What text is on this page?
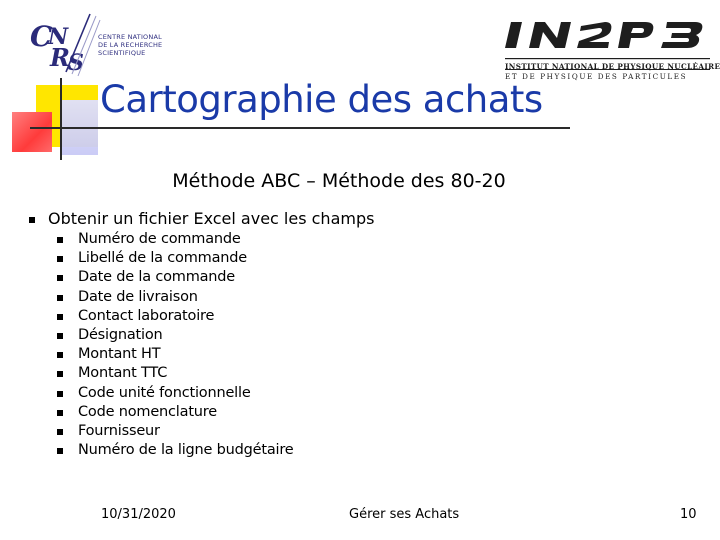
C
N
R
S
CENTRE NATIONAL
DE LA RECHERCHE
SCIENTIFIQUE
INSTITUT NATIONAL DE PHYSIQUE NUCLÉAIRE
ET DE PHYSIQUE DES PARTICULES
Cartographie des achats
Méthode ABC – Méthode des 80-20
Obtenir un fichier Excel avec les champs
Numéro de commande
Libellé de la commande
Date de la commande
Date de livraison
Contact laboratoire
Désignation
Montant HT
Montant TTC
Code unité fonctionnelle
Code nomenclature
Fournisseur
Numéro de la ligne budgétaire
10/31/2020	Gérer ses Achats	10
